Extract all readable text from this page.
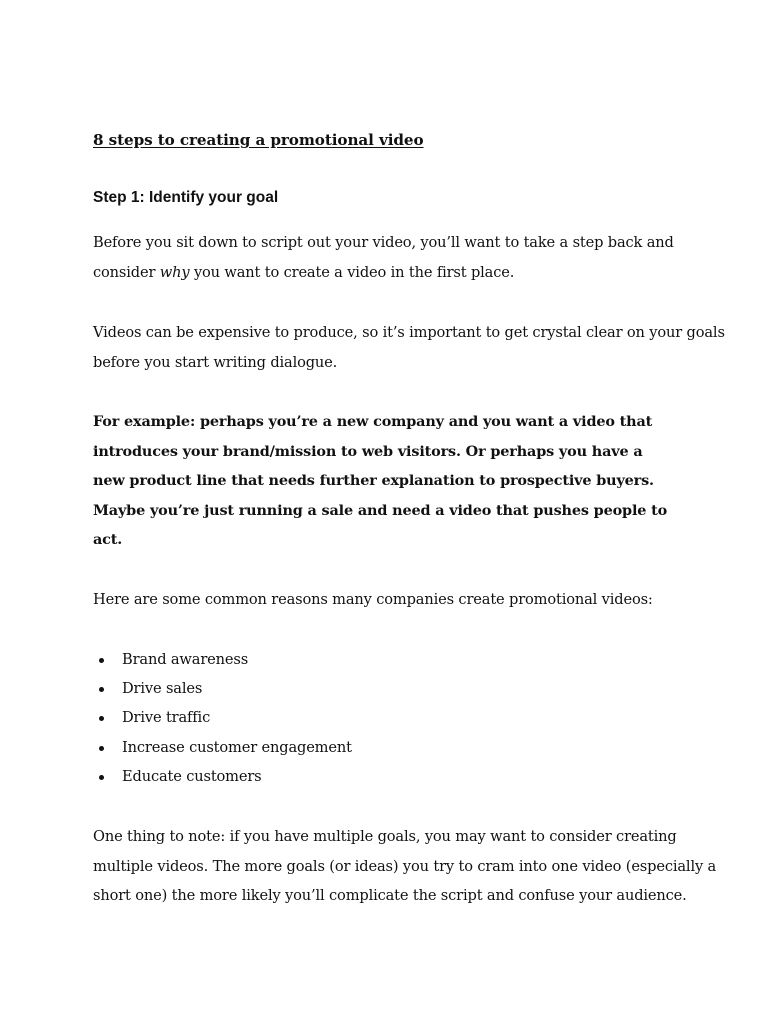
8 steps to creating a promotional video
Step 1: Identify your goal

Before you sit down to script out your video, you’ll want to take a step back and
consider why you want to create a video in the first place.

Videos can be expensive to produce, so it’s important to get crystal clear on your goals
before you start writing dialogue.

For example: perhaps you’re a new company and you want a video that
introduces your brand/mission to web visitors. Or perhaps you have a
new product line that needs further explanation to prospective buyers.
Maybe you’re just running a sale and need a video that pushes people to
act.

Here are some common reasons many companies create promotional videos:

Brand awareness
Drive sales
Drive traffic
Increase customer engagement
Educate customers

One thing to note: if you have multiple goals, you may want to consider creating
multiple videos. The more goals (or ideas) you try to cram into one video (especially a
short one) the more likely you’ll complicate the script and confuse your audience.
